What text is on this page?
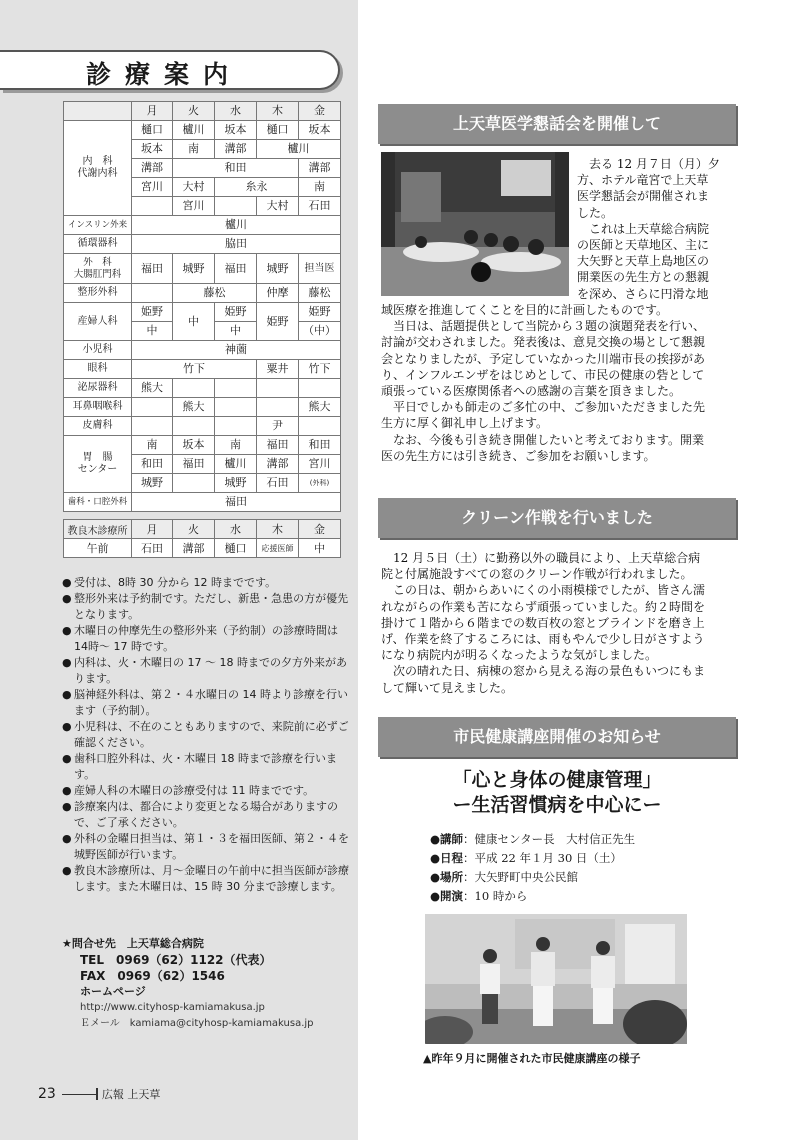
診療案内
	月	火	水	木	金
内　科
代謝内科	樋口	櫨川	坂本	樋口	坂本
	坂本	南	溝部	櫨川	
	溝部	和田			溝部
	宮川	大村	糸永		南
		宮川		大村	石田
インスリン外来	櫨川				
循環器科	脇田				
外　科
大腸肛門科	福田	城野	福田	城野	担当医
整形外科		藤松		仲摩	藤松
産婦人科	姫野	中	姫野	姫野	姫野
	中		中		（中）
小児科	神薗				
眼科	竹下			粟井	竹下
泌尿器科	熊大				
耳鼻咽喉科		熊大			熊大
皮膚科				尹	
胃　腸
センター	南	坂本	南	福田	和田
	和田	福田	櫨川	溝部	宮川
	城野		城野	石田	(外科)
歯科・口腔外科	福田				
教良木診療所	月	火	水	木	金
午前	石田	溝部	樋口	応援医師	中

● 受付は、8時 30 分から 12 時までです。

● 整形外来は予約制です。ただし、新患・急患の方が優先となります。

● 木曜日の仲摩先生の整形外来（予約制）の診療時間は 14時～ 17 時です。

● 内科は、火・木曜日の 17 ～ 18 時までの夕方外来があります。

● 脳神経外科は、第２・４水曜日の 14 時より診療を行います（予約制）。

● 小児科は、不在のこともありますので、来院前に必ずご確認ください。

● 歯科口腔外科は、火・木曜日 18 時まで診療を行います。

● 産婦人科の木曜日の診療受付は 11 時までです。

● 診療案内は、都合により変更となる場合がありますので、ご了承ください。

● 外科の金曜日担当は、第１・３を福田医師、第２・４を城野医師が行います。

● 教良木診療所は、月～金曜日の午前中に担当医師が診療します。また木曜日は、15 時 30 分まで診療します。

★問合せ先　上天草総合病院
TEL　0969（62）1122（代表）
FAX　0969（62）1546
ホームページ
http://www.cityhosp-kamiamakusa.jp
Ｅメール　kamiama@cityhosp-kamiamakusa.jp
23	広報 上天草
上天草医学懇話会を開催して
　去る 12 月７日（月）夕
方、ホテル竜宮で上天草
医学懇話会が開催されま
した。
　これは上天草総合病院
の医師と天草地区、主に
大矢野と天草上島地区の
開業医の先生方との懇親
を深め、さらに円滑な地
域医療を推進してくことを目的に計画したものです。
　当日は、話題提供として当院から３題の演題発表を行い、
討論が交わされました。発表後は、意見交換の場として懇親
会となりましたが、予定していなかった川端市長の挨拶があ
り、インフルエンザをはじめとして、市民の健康の砦として
頑張っている医療関係者への感謝の言葉を頂きました。
　平日でしかも師走のご多忙の中、ご参加いただきました先
生方に厚く御礼申し上げます。
　なお、今後も引き続き開催したいと考えております。開業
医の先生方には引き続き、ご参加をお願いします。
クリーン作戦を行いました
　12 月５日（土）に勤務以外の職員により、上天草総合病
院と付属施設すべての窓のクリーン作戦が行われました。
　この日は、朝からあいにくの小雨模様でしたが、皆さん濡
れながらの作業も苦にならず頑張っていました。約２時間を
掛けて１階から６階までの数百枚の窓とブラインドを磨き上
げ、作業を終了するころには、雨もやんで少し日がさすよう
になり病院内が明るくなったような気がしました。
　次の晴れた日、病棟の窓から見える海の景色もいつにもま
して輝いて見えました。
市民健康講座開催のお知らせ
「心と身体の健康管理」
ー生活習慣病を中心にー
●講師：健康センター長　大村信正先生
●日程：平成 22 年１月 30 日（土）
●場所：大矢野町中央公民館
●開演：10 時から
▲昨年９月に開催された市民健康講座の様子
